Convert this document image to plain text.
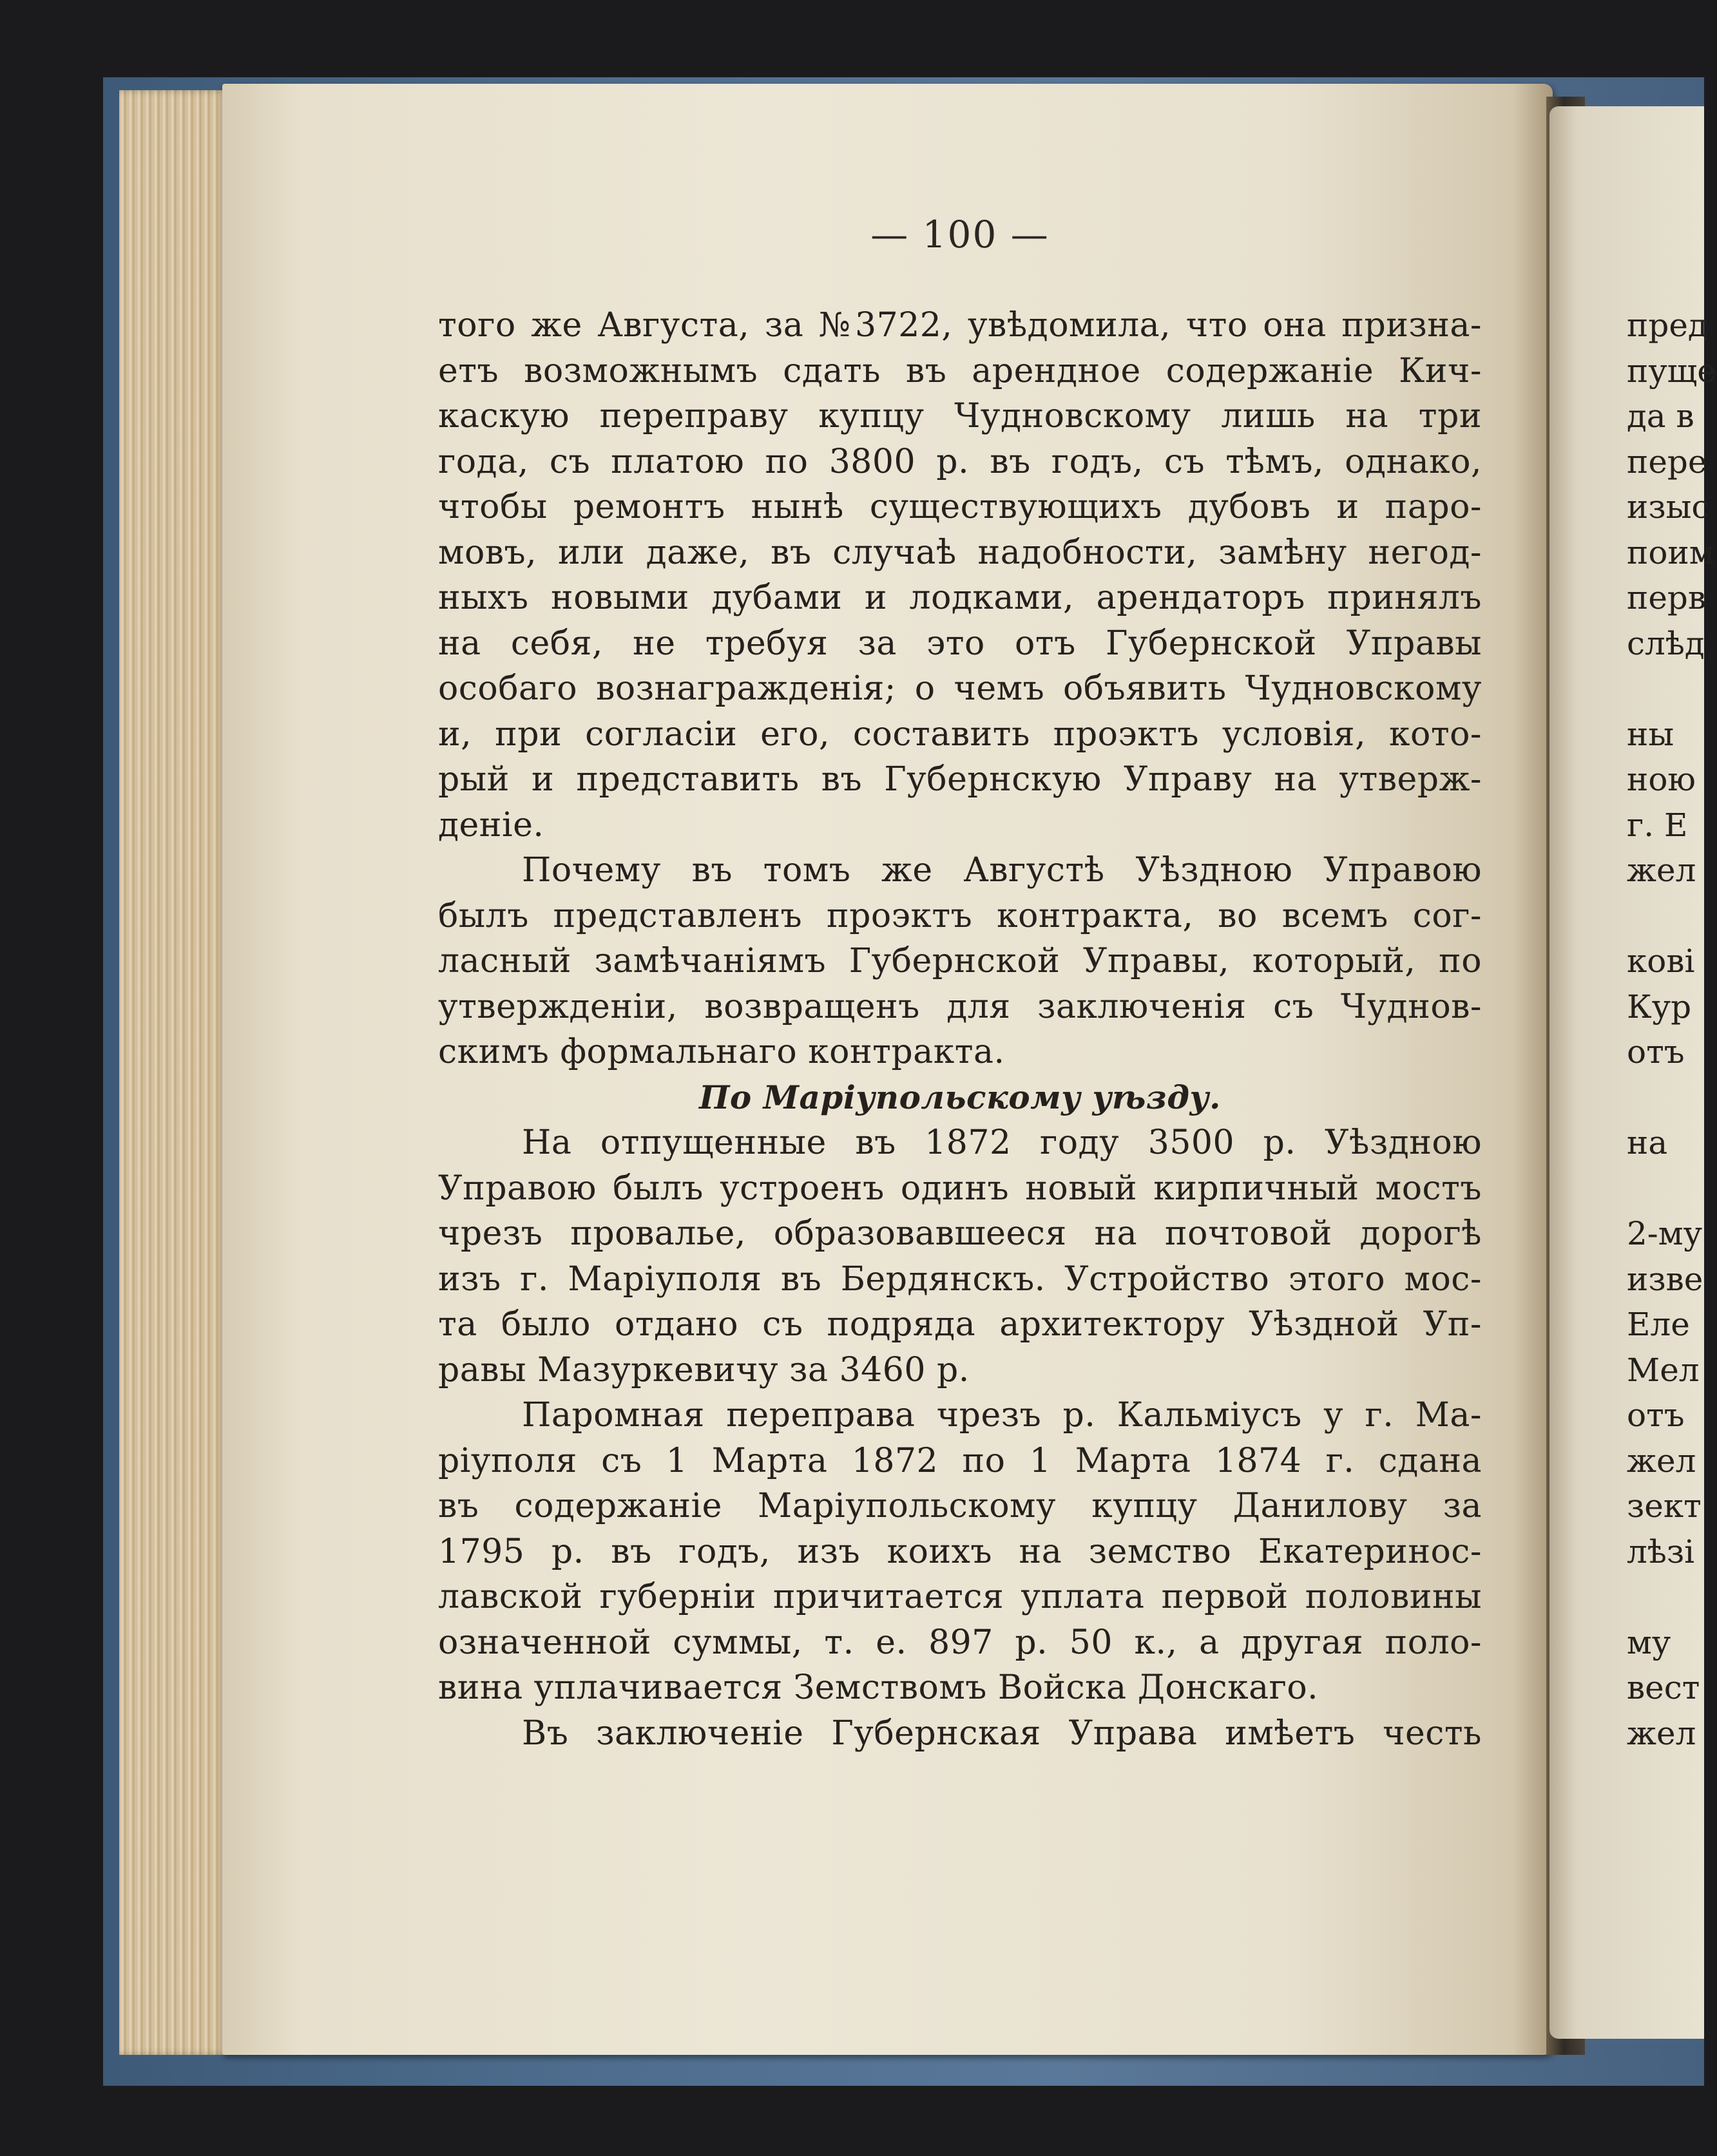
— 100 —
того же Августа, за №3722, увѣдомила, что она призна-
етъ возможнымъ сдать въ арендное содержаніе Кич-
каскую переправу купцу Чудновскому лишь на три
года, съ платою по 3800 р. въ годъ, съ тѣмъ, однако,
чтобы ремонтъ нынѣ существующихъ дубовъ и паро-
мовъ, или даже, въ случаѣ надобности, замѣну негод-
ныхъ новыми дубами и лодками, арендаторъ принялъ
на себя, не требуя за это отъ Губернской Управы
особаго вознагражденія; о чемъ объявить Чудновскому
и, при согласіи его, составить проэктъ условія, кото-
рый и представить въ Губернскую Управу на утверж-
деніе.
Почему въ томъ же Августѣ Уѣздною Управою
былъ представленъ проэктъ контракта, во всемъ сог-
ласный замѣчаніямъ Губернской Управы, который, по
утвержденіи, возвращенъ для заключенія съ Чуднов-
скимъ формальнаго контракта.
По Маріупольскому уѣзду.
На отпущенные въ 1872 году 3500 р. Уѣздною
Управою былъ устроенъ одинъ новый кирпичный мостъ
чрезъ провалье, образовавшееся на почтовой дорогѣ
изъ г. Маріуполя въ Бердянскъ. Устройство этого мос-
та было отдано съ подряда архитектору Уѣздной Уп-
равы Мазуркевичу за 3460 р.
Паромная переправа чрезъ р. Кальміусъ у г. Ма-
ріуполя съ 1 Марта 1872 по 1 Марта 1874 г. сдана
въ содержаніе Маріупольскому купцу Данилову за
1795 р. въ годъ, изъ коихъ на земство Екатеринос-
лавской губерніи причитается уплата первой половины
означенной суммы, т. е. 897 р. 50 к., а другая поло-
вина уплачивается Земствомъ Войска Донскаго.
Въ заключеніе Губернская Управа имѣетъ честь
пред
пуще
да в
пере
изыс
поим
перв
слѣд
ны
ною
г. Е
жел
кові
Кур
отъ
на
2-му
изве
Еле
Мел
отъ
жел
зект
лѣзі
му
вест
жел
